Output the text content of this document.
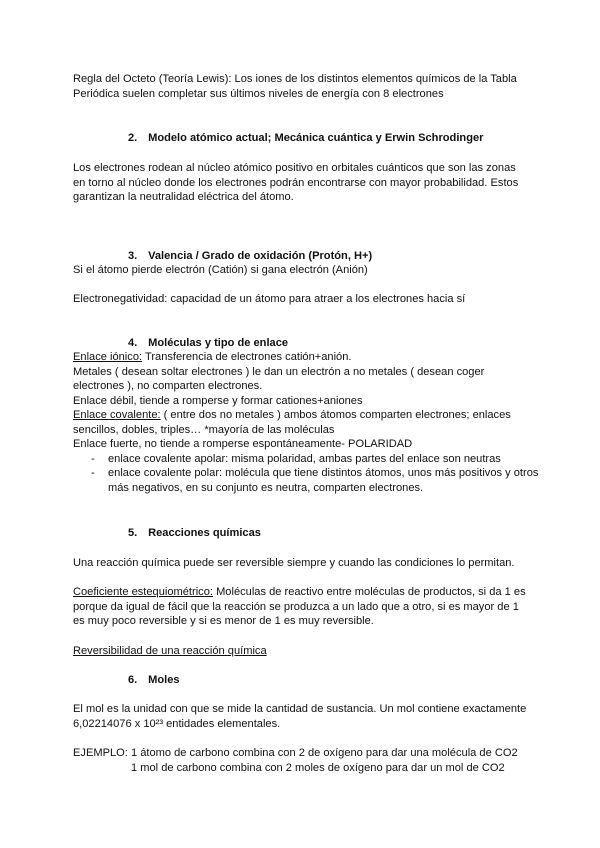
Regla del Octeto (Teoría Lewis): Los iones de los distintos elementos químicos de la Tabla

Periódica suelen completar sus últimos niveles de energía con 8 electrones

2. Modelo atómico actual; Mecánica cuántica y Erwin Schrodinger

Los electrones rodean al núcleo atómico positivo en orbitales cuánticos que son las zonas

en torno al núcleo donde los electrones podrán encontrarse con mayor probabilidad. Estos

garantizan la neutralidad eléctrica del átomo.

3. Valencia / Grado de oxidación (Protón, H+)

Si el átomo pierde electrón (Catión) si gana electrón (Anión)

Electronegatividad: capacidad de un átomo para atraer a los electrones hacia sí

4. Moléculas y tipo de enlace

Enlace iónico: Transferencia de electrones catión+anión.

Metales ( desean soltar electrones ) le dan un electrón a no metales ( desean coger

electrones ), no comparten electrones.

Enlace débil, tiende a romperse y formar cationes+aniones

Enlace covalente: ( entre dos no metales ) ambos átomos comparten electrones; enlaces

sencillos, dobles, triples… *mayoría de las moléculas

Enlace fuerte, no tiende a romperse espontáneamente- POLARIDAD

- enlace covalente apolar: misma polaridad, ambas partes del enlace son neutras
- enlace covalente polar: molécula que tiene distintos átomos, unos más positivos y otros más negativos, en su conjunto es neutra, comparten electrones.
5. Reacciones químicas

Una reacción química puede ser reversible siempre y cuando las condiciones lo permitan.

Coeficiente estequiométrico: Moléculas de reactivo entre moléculas de productos, si da 1 es

porque da igual de fácil que la reacción se produzca a un lado que a otro, si es mayor de 1

es muy poco reversible y si es menor de 1 es muy reversible.

Reversibilidad de una reacción química

6. Moles

El mol es la unidad con que se mide la cantidad de sustancia. Un mol contiene exactamente

6,02214076 x 10²³ entidades elementales.

EJEMPLO: 1 átomo de carbono combina con 2 de oxígeno para dar una molécula de CO2

1 mol de carbono combina con 2 moles de oxígeno para dar un mol de CO2
